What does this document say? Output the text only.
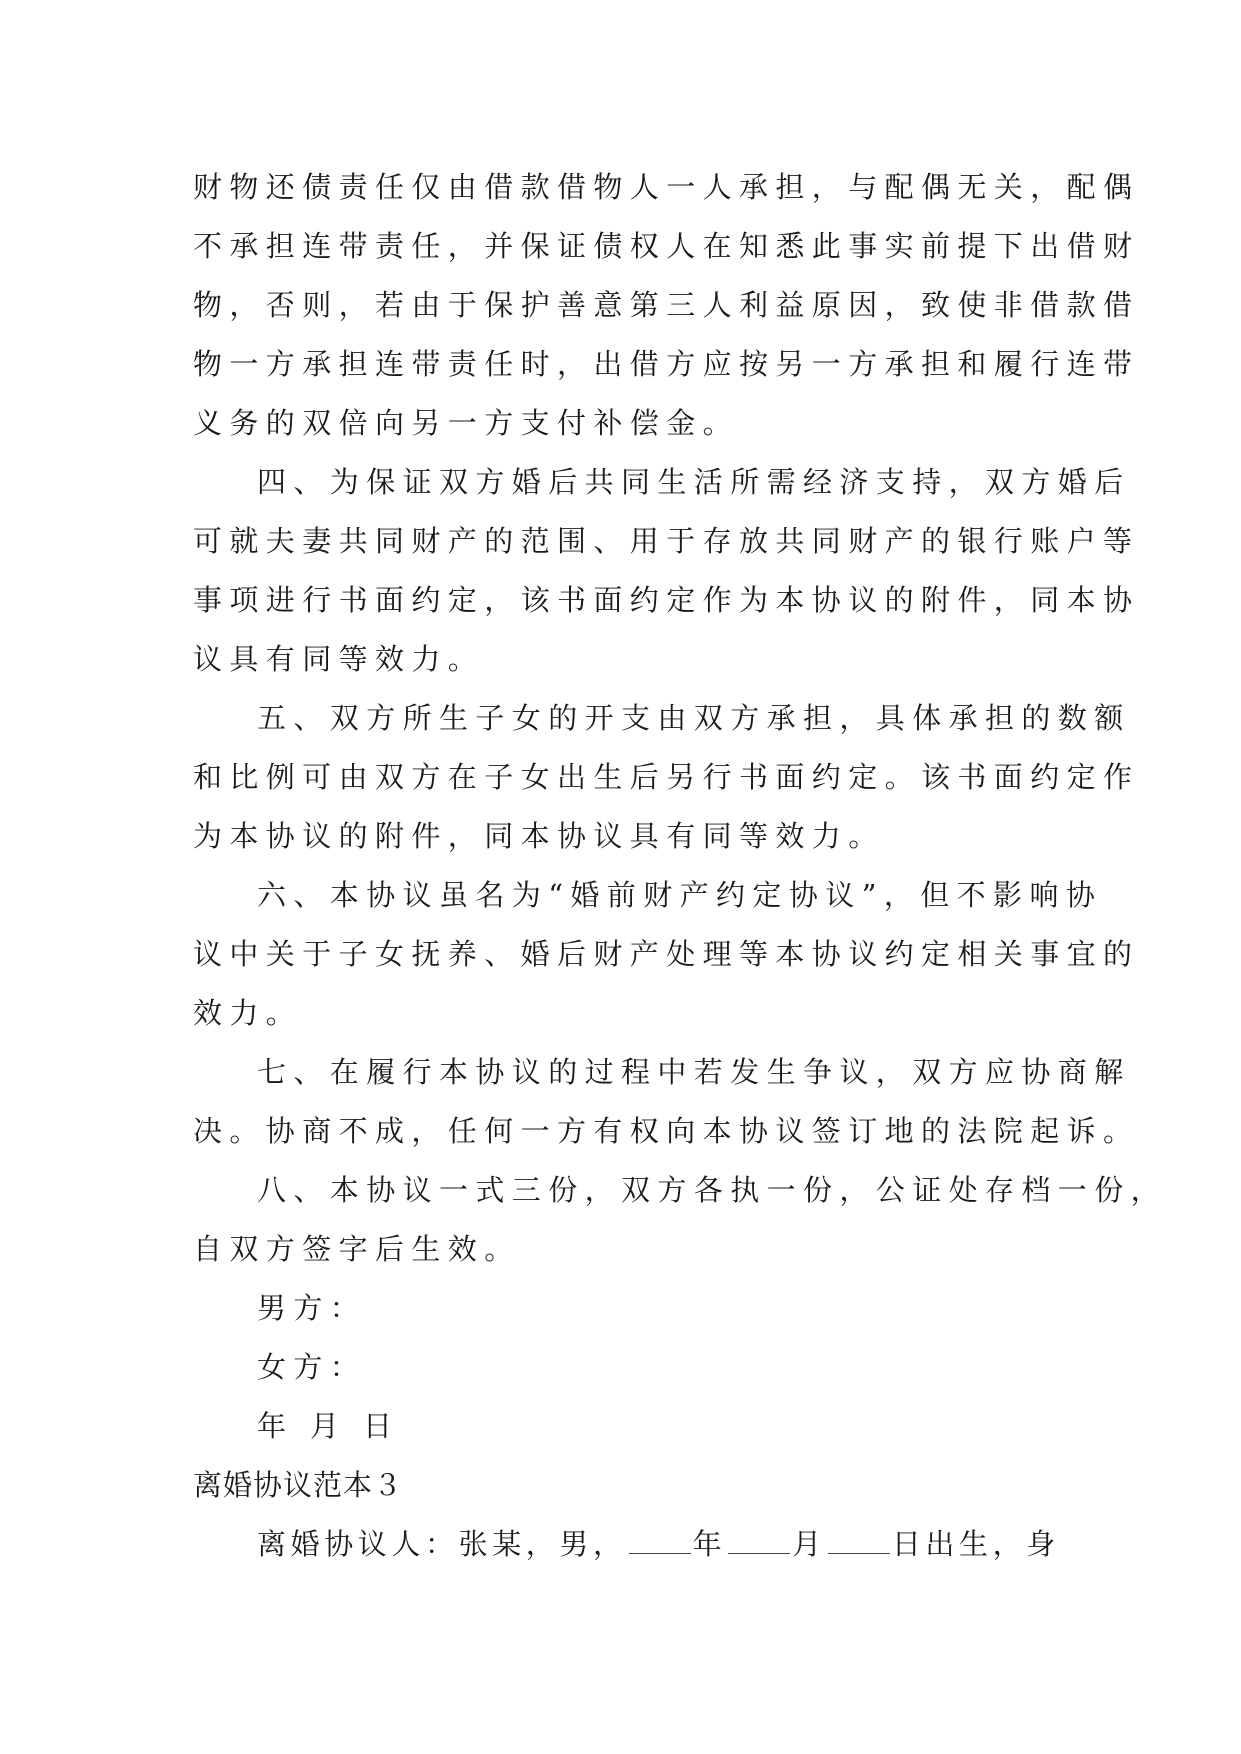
财物还债责任仅由借款借物人一人承担，与配偶无关，配偶
不承担连带责任，并保证债权人在知悉此事实前提下出借财
物，否则，若由于保护善意第三人利益原因，致使非借款借
物一方承担连带责任时，出借方应按另一方承担和履行连带
义务的双倍向另一方支付补偿金。
四、为保证双方婚后共同生活所需经济支持，双方婚后
可就夫妻共同财产的范围、用于存放共同财产的银行账户等
事项进行书面约定，该书面约定作为本协议的附件，同本协
议具有同等效力。
五、双方所生子女的开支由双方承担，具体承担的数额
和比例可由双方在子女出生后另行书面约定。该书面约定作
为本协议的附件，同本协议具有同等效力。
六、本协议虽名为“婚前财产约定协议”，但不影响协
议中关于子女抚养、婚后财产处理等本协议约定相关事宜的
效力。
七、在履行本协议的过程中若发生争议，双方应协商解
决。协商不成，任何一方有权向本协议签订地的法院起诉。
八、本协议一式三份，双方各执一份，公证处存档一份，
自双方签字后生效。
男方：
女方：
年 月 日
离婚协议范本３
离婚协议人：张某，男， 年 月 日出生，身
